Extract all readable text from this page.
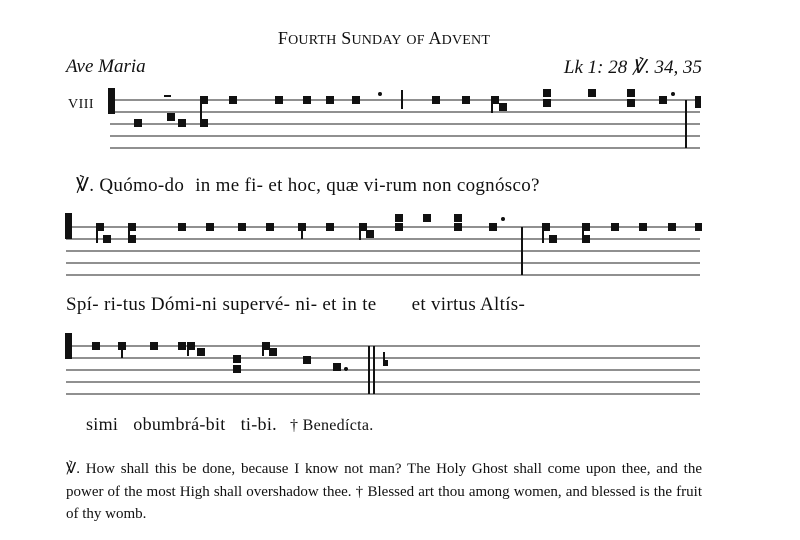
FOURTH SUNDAY OF ADVENT
Ave Maria	Lk 1: 28 ℣. 34, 35
VIII
℣. Quómo-do in me fi- et hoc, quæ vi-rum non cognósco?
Spí- ri-tus Dómi-ni supervé- ni- et in te et virtus Altís-
simi obumbrá-bit ti-bi. † Benedícta.
℣. How shall this be done, because I know not man? The Holy Ghost shall come upon thee, and the power of the most High shall overshadow thee. † Blessed art thou among women, and blessed is the fruit of thy womb.
